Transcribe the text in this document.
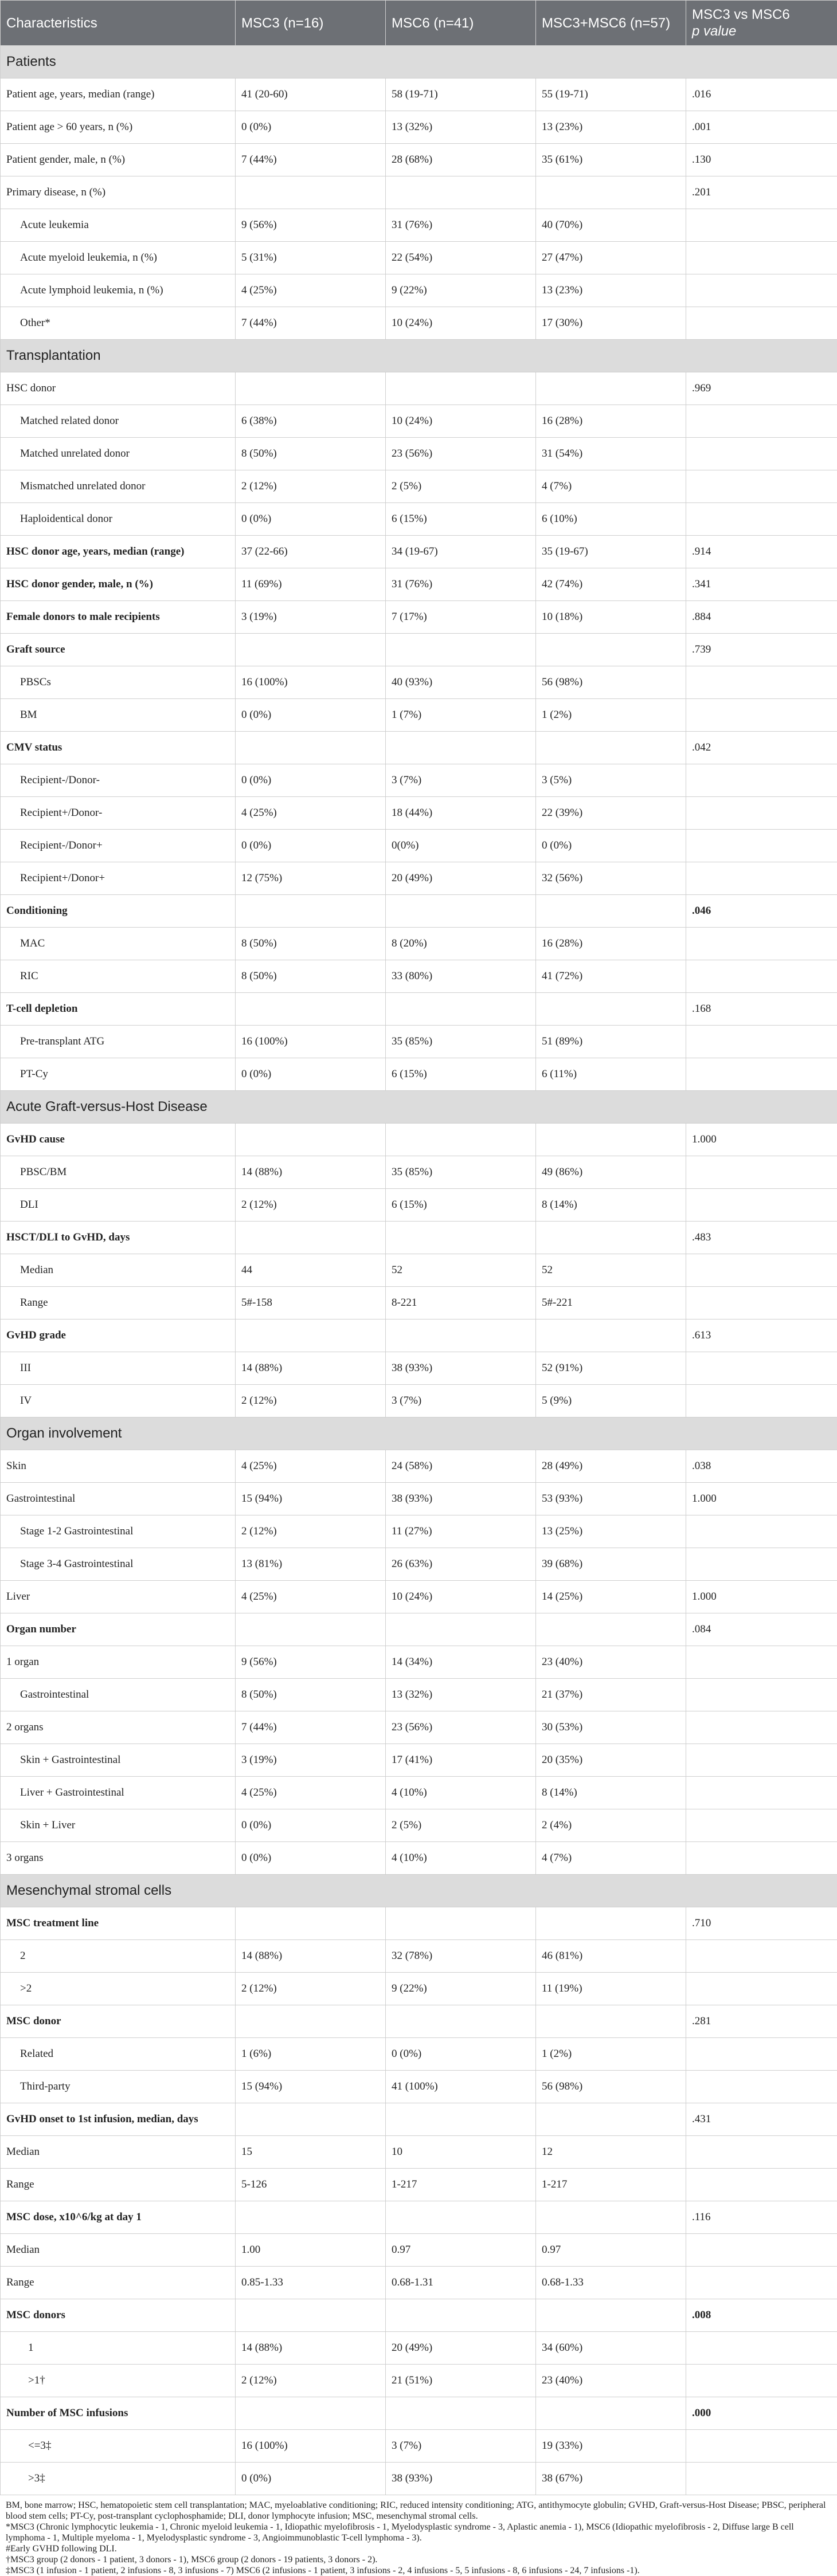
Characteristics	MSC3 (n=16)	MSC6 (n=41)	MSC3+MSC6 (n=57)	MSC3 vs MSC6
p value
Patients				
Patient age, years, median (range)	41 (20-60)	58 (19-71)	55 (19-71)	.016
Patient age > 60 years, n (%)	0 (0%)	13 (32%)	13 (23%)	.001
Patient gender, male, n (%)	7 (44%)	28 (68%)	35 (61%)	.130
Primary disease, n (%)				.201
Acute leukemia	9 (56%)	31 (76%)	40 (70%)	
Acute myeloid leukemia, n (%)	5 (31%)	22 (54%)	27 (47%)	
Acute lymphoid leukemia, n (%)	4 (25%)	9 (22%)	13 (23%)	
Other*	7 (44%)	10 (24%)	17 (30%)	
Transplantation				
HSC donor				.969
Matched related donor	6 (38%)	10 (24%)	16 (28%)	
Matched unrelated donor	8 (50%)	23 (56%)	31 (54%)	
Mismatched unrelated donor	2 (12%)	2 (5%)	4 (7%)	
Haploidentical donor	0 (0%)	6 (15%)	6 (10%)	
HSC donor age, years, median (range)	37 (22-66)	34 (19-67)	35 (19-67)	.914
HSC donor gender, male, n (%)	11 (69%)	31 (76%)	42 (74%)	.341
Female donors to male recipients	3 (19%)	7 (17%)	10 (18%)	.884
Graft source				.739
PBSCs	16 (100%)	40 (93%)	56 (98%)	
BM	0 (0%)	1 (7%)	1 (2%)	
CMV status				.042
Recipient-/Donor-	0 (0%)	3 (7%)	3 (5%)	
Recipient+/Donor-	4 (25%)	18 (44%)	22 (39%)	
Recipient-/Donor+	0 (0%)	0(0%)	0 (0%)	
Recipient+/Donor+	12 (75%)	20 (49%)	32 (56%)	
Conditioning				.046
MAC	8 (50%)	8 (20%)	16 (28%)	
RIC	8 (50%)	33 (80%)	41 (72%)	
T-cell depletion				.168
Pre-transplant ATG	16 (100%)	35 (85%)	51 (89%)	
PT-Cy	0 (0%)	6 (15%)	6 (11%)	
Acute Graft-versus-Host Disease				
GvHD cause				1.000
PBSC/BM	14 (88%)	35 (85%)	49 (86%)	
DLI	2 (12%)	6 (15%)	8 (14%)	
HSCT/DLI to GvHD, days				.483
Median	44	52	52	
Range	5#-158	8-221	5#-221	
GvHD grade				.613
III	14 (88%)	38 (93%)	52 (91%)	
IV	2 (12%)	3 (7%)	5 (9%)	
Organ involvement				
Skin	4 (25%)	24 (58%)	28 (49%)	.038
Gastrointestinal	15 (94%)	38 (93%)	53 (93%)	1.000
Stage 1-2 Gastrointestinal	2 (12%)	11 (27%)	13 (25%)	
Stage 3-4 Gastrointestinal	13 (81%)	26 (63%)	39 (68%)	
Liver	4 (25%)	10 (24%)	14 (25%)	1.000
Organ number				.084
1 organ	9 (56%)	14 (34%)	23 (40%)	
Gastrointestinal	8 (50%)	13 (32%)	21 (37%)	
2 organs	7 (44%)	23 (56%)	30 (53%)	
Skin + Gastrointestinal	3 (19%)	17 (41%)	20 (35%)	
Liver + Gastrointestinal	4 (25%)	4 (10%)	8 (14%)	
Skin + Liver	0 (0%)	2 (5%)	2 (4%)	
3 organs	0 (0%)	4 (10%)	4 (7%)	
Mesenchymal stromal cells				
MSC treatment line				.710
2	14 (88%)	32 (78%)	46 (81%)	
>2	2 (12%)	9 (22%)	11 (19%)	
MSC donor				.281
Related	1 (6%)	0 (0%)	1 (2%)	
Third-party	15 (94%)	41 (100%)	56 (98%)	
GvHD onset to 1st infusion, median, days				.431
Median	15	10	12	
Range	5-126	1-217	1-217	
MSC dose, x10^6/kg at day 1				.116
Median	1.00	0.97	0.97	
Range	0.85-1.33	0.68-1.31	0.68-1.33	
MSC donors				.008
1	14 (88%)	20 (49%)	34 (60%)	
>1†	2 (12%)	21 (51%)	23 (40%)	
Number of MSC infusions				.000
<=3‡	16 (100%)	3 (7%)	19 (33%)	
>3‡	0 (0%)	38 (93%)	38 (67%)	
BM, bone marrow; HSC, hematopoietic stem cell transplantation; MAC, myeloablative conditioning; RIC, reduced intensity conditioning; ATG, antithymocyte globulin; GVHD, Graft-versus-Host Disease; PBSC, peripheral blood stem cells; PT-Cy, post-transplant cyclophosphamide; DLI, donor lymphocyte infusion; MSC, mesenchymal stromal cells.
*MSC3 (Chronic lymphocytic leukemia - 1, Chronic myeloid leukemia - 1, Idiopathic myelofibrosis - 1, Myelodysplastic syndrome - 3, Aplastic anemia - 1), MSC6 (Idiopathic myelofibrosis - 2, Diffuse large B cell lymphoma - 1, Multiple myeloma - 1, Myelodysplastic syndrome - 3, Angioimmunoblastic T-cell lymphoma - 3).
#Early GVHD following DLI.
†MSC3 group (2 donors - 1 patient, 3 donors - 1), MSC6 group (2 donors - 19 patients, 3 donors - 2).
‡MSC3 (1 infusion - 1 patient, 2 infusions - 8, 3 infusions - 7) MSC6 (2 infusions - 1 patient, 3 infusions - 2, 4 infusions - 5, 5 infusions - 8, 6 infusions - 24, 7 infusions -1).
